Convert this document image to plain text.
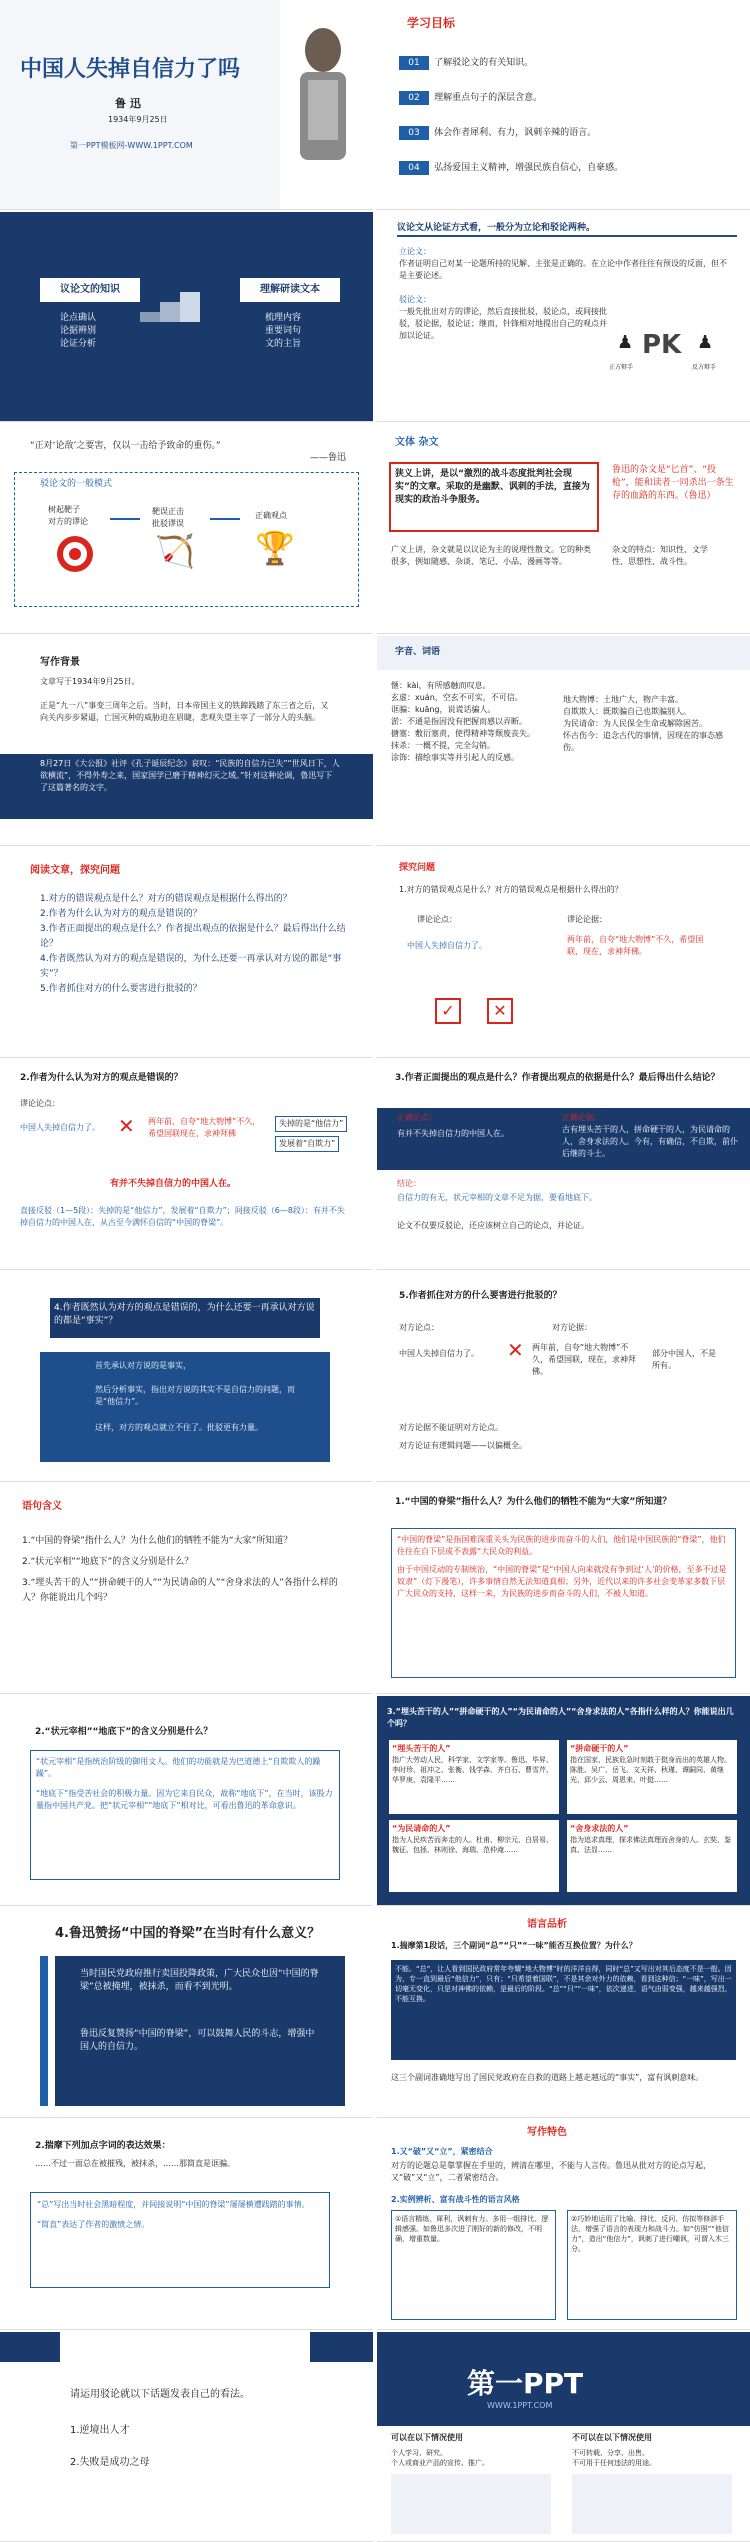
中国人失掉自信力了吗
鲁 迅
1934年9月25日
第一PPT模板网-WWW.1PPT.COM
学习目标
01 了解驳论文的有关知识。
02 理解重点句子的深层含意。
03 体会作者犀利、有力，讽刺辛辣的语言。
04 弘扬爱国主义精神，增强民族自信心，自豪感。
议论文的知识
论点确认
论据辨别
论证分析
理解研读文本
梳理内容
重要词句
文的主旨
议论文从论证方式看，一般分为立论和驳论两种。
立论文：
作者证明自己对某一论题所持的见解、主张是正确的。在立论中作者往往有预设的反面，但不是主要论述。
驳论文：
一般先批出对方的谬论，然后直接批驳，驳论点，或间接批驳，驳论据，驳论证；继而，针锋相对地提出自己的观点并加以论证。	PK
♟	♟
正方辩手	反方辩手
“正对‘论敌’之要害，仅以一击给予致命的重伤。”
——鲁迅
驳论文的一般模式
树起靶子
对方的谬论
靶误正击
批驳谬误
正确观点
🏹 🏆
文体 杂文
狭义上讲，是以“激烈的战斗态度批判社会现实”的文章。采取的是幽默、讽刺的手法，直接为现实的政治斗争服务。
鲁迅的杂文是“匕首”、“投枪”，能和读者一同杀出一条生存的血路的东西。（鲁迅）
广义上讲，杂文就是以议论为主的说理性散文。它的种类很多，例如随感、杂谈、笔记、小品、漫画等等。
杂文的特点：知识性、文学性、思想性、战斗性。
写作背景
文章写于1934年9月25日。
正是“九一八”事变三周年之后。当时，日本帝国主义的铁蹄践踏了东三省之后，又向关内步步紧逼，亡国灭种的威胁迫在眉睫，悲观失望主宰了一部分人的头脑。
8月27日《大公报》社评《孔子诞辰纪念》哀叹：“民族的自信力已失”“世风日下，人欲横流”，不得外寿之来，国家国学已磨于精神幻灭之域。”针对这种论调，鲁迅写下了这篇著名的文字。
字音、词语
愜：kài，有所感触而叹息。
玄虚：xuán，空玄不可实，不可信。
诓骗：kuāng，说谎话骗人。
淤：不通是指因没有把握而感以弄断。
搪塞：敷衍塞责，使得精神等颓废丧失。
抹杀：一概不提，完全勾销。
涂饰：描绘事实等并引起人的反感。
地大物博：土地广大，物产丰富。
自欺欺人：既欺骗自己也欺骗别人。
为民请命：为人民保全生命或解除困苦。
怀古伤今：追念古代的事情，因现在的事态感伤。
阅读文章，探究问题
1.对方的错误观点是什么？对方的错误观点是根据什么得出的？
2.作者为什么认为对方的观点是错误的？
3.作者正面提出的观点是什么？作者提出观点的依据是什么？最后得出什么结论？
4.作者既然认为对方的观点是错误的，为什么还要一再承认对方说的都是“事实”？
5.作者抓住对方的什么要害进行批驳的？
探究问题
1.对方的错误观点是什么？对方的错误观点是根据什么得出的？
谬论论点：	谬论论据：
中国人失掉自信力了。
两年前，自夸“地大物博”不久，希望国联，现在，求神拜佛。
✓	✕
2.作者为什么认为对方的观点是错误的？
谬论论点：
中国人失掉自信力了。 ✕ 两年前，自夸“地大物博”不久，希望国联现在，求神拜佛
失掉的是“他信力”
发展着“自欺力”
有并不失掉自信力的中国人在。
直接反驳（1—5段）：失掉的是“他信力”，发展着“自欺力”；间接反驳（6—8段）：有并不失掉自信力的中国人在，从古至今满怀自信的“中国的脊梁”。
3.作者正面提出的观点是什么？作者提出观点的依据是什么？最后得出什么结论？
正确论点：	正确论据：
有并不失掉自信力的中国人在。	古有埋头苦干的人，拼命硬干的人，为民请命的人，舍身求法的人。今有，有确信，不自欺，前仆后继的斗士。
结论：
自信力的有无，状元宰相的文章不足为据，要看地底下。
论文不仅要反驳论，还应该树立自己的论点，并论证。
4.作者既然认为对方的观点是错误的，为什么还要一再承认对方说的都是“事实”？
首先承认对方说的是事实，
然后分析事实，指出对方说的其实不是自信力的问题，而是“他信力”。
这样，对方的观点就立不住了。批驳更有力量。
5.作者抓住对方的什么要害进行批驳的？
对方论点：	对方论据：
中国人失掉自信力了。 ✕ 两年前，自夸“地大物博”不久，希望国联，现在，求神拜佛。
部分中国人，不是所有。
对方论据不能证明对方论点。
对方论证有逻辑问题——以偏概全。
语句含义
1.“中国的脊梁”指什么人？为什么他们的牺牲不能为“大家”所知道？
2.“状元宰相”“地底下”的含义分别是什么？
3.“埋头苦干的人”“拼命硬干的人”“为民请命的人”“舍身求法的人”各指什么样的人？你能说出几个吗？
1.“中国的脊梁”指什么人？为什么他们的牺牲不能为“大家”所知道？
“中国的脊梁”是指国难深重关头为民族的进步而奋斗的人们，他们是中国民族的“脊梁”，他们往往在自下层成不表露“大民众的利益。
由于中国反动的专制统治，“中国的脊梁”是“中国人向来就没有争到过‘人’的价格，至多不过是奴隶”（灯下漫笔），许多事情自然无法知道真相；另外，近代以来的许多社会变革家多数下层广大民众的支持，这样一来，为民族的进步而奋斗的人们，不被人知道。
2.“状元宰相”“地底下”的含义分别是什么？
“状元宰相”是指统治阶级的御用文人。他们的功能就是为巴道德上“自欺欺人的躁躁”。
“地底下”指受苦社会的积极力量。因为它来自民众，故称“地底下”，在当时，该股力量指中国共产党。把“状元宰相”“地底下”相对比，可看出鲁迅的革命意识。
3.“埋头苦干的人”“拼命硬干的人”“为民请命的人”“舍身求法的人”各指什么样的人？你能说出几个吗？
“埋头苦干的人”
指广大劳动人民，科学家、文学家等。鲁迅、毕昇、李时珍、祖冲之、张衡、钱学森、齐白石、曹雪芹、华罗庚、袁隆平……
“拼命硬干的人”
指在国家、民族危急时刻敢于挺身而出的英雄人物。陈胜、吴广、岳飞、文天祥、秋瑾、谭嗣同、黄继光、邱少云、周恩来、叶挺……
“为民请命的人”
指为人民疾苦而奔走的人。杜甫、柳宗元、白居易、魏征、包拯、林则徐、海瑞、范仲淹……
“舍身求法的人”
指为追求真理，探求佛法真理而舍身的人。玄奘、鉴真、法显……
4.鲁迅赞扬“中国的脊梁”在当时有什么意义？
当时国民党政府推行卖国投降政策，广大民众也因“中国的脊梁”总被掩埋，被抹杀，而看不到光明。
鲁迅反复赞扬“中国的脊梁”，可以鼓舞人民的斗志，增强中国人的自信力。
语言品析
1.揣摩第1段话，三个副词“总”“只”“一味”能否互换位置？为什么？
不能。“总”，让人看到国民政府常年夸耀“地大物博”时的洋洋自得，同时“总”又写出对其后态度不是一般。因为，专一直到最后“他信力”，只有；“只希望着国联”，不是其余对外力的依赖，看到这种信；“一味”，写出一切毫无变化，只是对神佛的依赖，是最后的阶段。“总”“只”“一味”，依次递进，语气由弱变强，越来越强烈，不能互换。
这三个副词准确地写出了国民党政府在自救的道路上越走越远的“事实”，富有讽刺意味。
2.揣摩下列加点字词的表达效果：
……不过一面总在被摧残，被抹杀，……那简直是诓骗。
“总”写出当时社会黑暗程度，并间接说明“中国的脊梁”屡屡横遭践踏的事情。
“简直”表达了作者的激愤之情。
写作特色
1.又“破”又“立”，紧密结合
对方的论题总是靠掌握在手里的，辨清在哪里，不能与人言传。鲁迅从批对方的论点写起，又“破”又“立”，二者紧密结合。
2.实例辨析、富有战斗性的语言风格
①语言精练、犀利，讽刺有力。多用一组排比、逻辑感强。如鲁迅多次进了刚好的新的修改，不明确，增重数量。
②巧妙地运用了比喻、排比、反问、仿拟等修辞手法，增强了语言的表现力和战斗力。如“仿照”“他信力”，造出“他信力”，讽刺了进行嘲讽，可谓入木三分。
请运用驳论就以下话题发表自己的看法。
1.逆境出人才
2.失败是成功之母
第一PPT
WWW.1PPT.COM
可以在以下情况使用
个人学习、研究。
个人或商业产品的宣传、推广。
不可以在以下情况使用
不可转载、分享、出售。
不可用于任何违法的用途。
